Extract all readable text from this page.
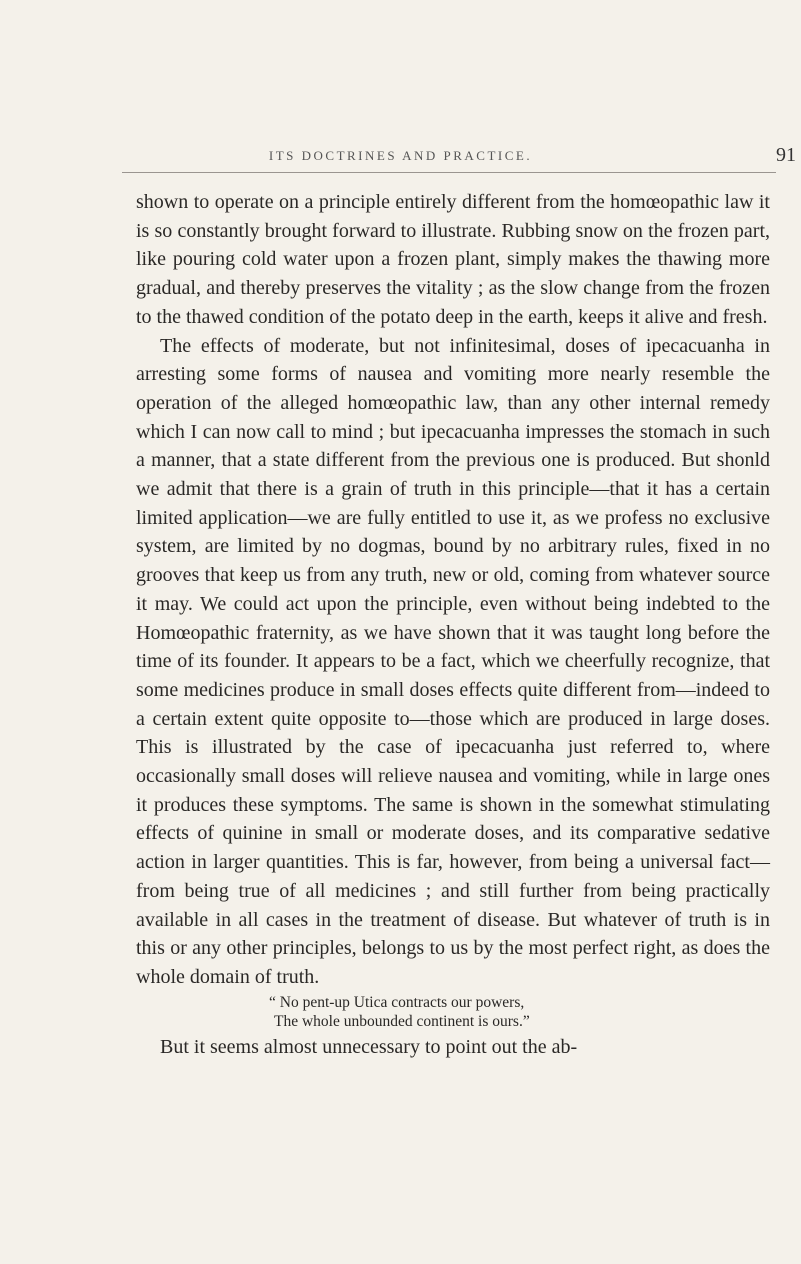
ITS DOCTRINES AND PRACTICE.	91

shown to operate on a principle entirely different from the homœopathic law it is so constantly brought forward to illustrate. Rubbing snow on the frozen part, like pouring cold water upon a frozen plant, simply makes the thawing more gradual, and thereby preserves the vitality ; as the slow change from the frozen to the thawed condition of the potato deep in the earth, keeps it alive and fresh.

The effects of moderate, but not infinitesimal, doses of ipecacuanha in arresting some forms of nausea and vomiting more nearly resemble the operation of the alleged homœopathic law, than any other internal remedy which I can now call to mind ; but ipecacuanha impresses the stomach in such a manner, that a state different from the previous one is produced. But shonld we admit that there is a grain of truth in this principle—that it has a certain limited application—we are fully entitled to use it, as we profess no exclusive system, are limited by no dogmas, bound by no arbitrary rules, fixed in no grooves that keep us from any truth, new or old, coming from whatever source it may. We could act upon the principle, even without being indebted to the Homœopathic fraternity, as we have shown that it was taught long before the time of its founder. It appears to be a fact, which we cheerfully recognize, that some medicines produce in small doses effects quite different from—indeed to a certain extent quite opposite to—those which are produced in large doses. This is illustrated by the case of ipecacuanha just referred to, where occasionally small doses will relieve nausea and vomiting, while in large ones it produces these symptoms. The same is shown in the somewhat stimulating effects of quinine in small or moderate doses, and its comparative sedative action in larger quantities. This is far, however, from being a universal fact—from being true of all medicines ; and still further from being practically available in all cases in the treatment of disease. But whatever of truth is in this or any other principles, belongs to us by the most perfect right, as does the whole domain of truth.

“ No pent-up Utica contracts our powers,
The whole unbounded continent is ours.”

But it seems almost unnecessary to point out the ab-
